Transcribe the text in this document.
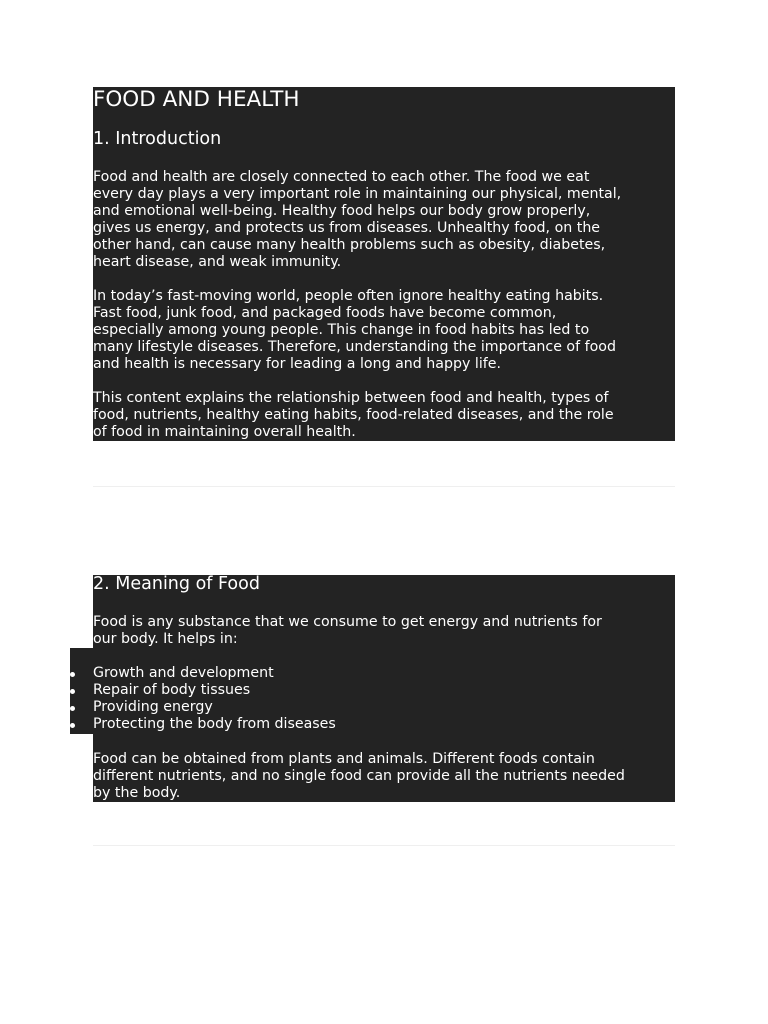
FOOD AND HEALTH
1. Introduction

Food and health are closely connected to each other. The food we eat
every day plays a very important role in maintaining our physical, mental,
and emotional well-being. Healthy food helps our body grow properly,
gives us energy, and protects us from diseases. Unhealthy food, on the
other hand, can cause many health problems such as obesity, diabetes,
heart disease, and weak immunity.

In today’s fast-moving world, people often ignore healthy eating habits.
Fast food, junk food, and packaged foods have become common,
especially among young people. This change in food habits has led to
many lifestyle diseases. Therefore, understanding the importance of food
and health is necessary for leading a long and happy life.

This content explains the relationship between food and health, types of
food, nutrients, healthy eating habits, food-related diseases, and the role
of food in maintaining overall health.

2. Meaning of Food

Food is any substance that we consume to get energy and nutrients for
our body. It helps in:

Food can be obtained from plants and animals. Different foods contain
different nutrients, and no single food can provide all the nutrients needed
by the body.

Growth and development
Repair of body tissues
Providing energy
Protecting the body from diseases
